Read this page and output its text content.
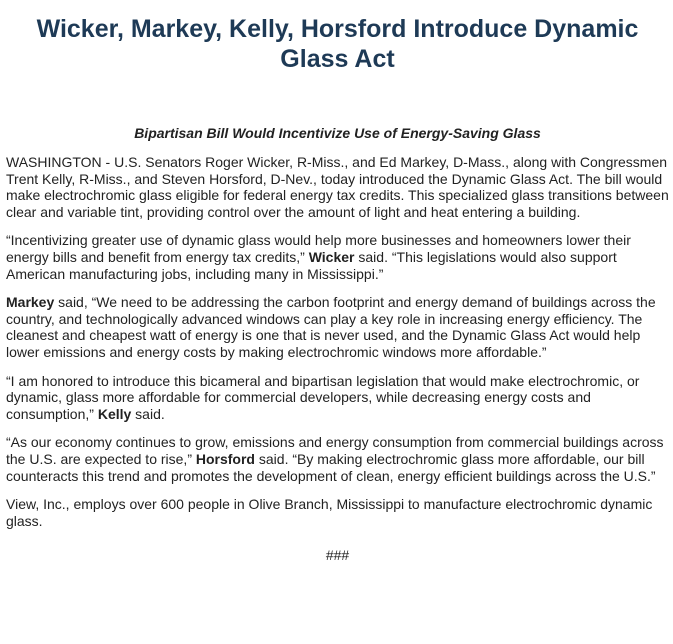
Wicker, Markey, Kelly, Horsford Introduce Dynamic Glass Act

Bipartisan Bill Would Incentivize Use of Energy-Saving Glass

WASHINGTON - U.S. Senators Roger Wicker, R-Miss., and Ed Markey, D-Mass., along with Congressmen Trent Kelly, R-Miss., and Steven Horsford, D-Nev., today introduced the Dynamic Glass Act. The bill would make electrochromic glass eligible for federal energy tax credits. This specialized glass transitions between clear and variable tint, providing control over the amount of light and heat entering a building.

“Incentivizing greater use of dynamic glass would help more businesses and homeowners lower their energy bills and benefit from energy tax credits,” Wicker said. “This legislations would also support American manufacturing jobs, including many in Mississippi.”

Markey said, “We need to be addressing the carbon footprint and energy demand of buildings across the country, and technologically advanced windows can play a key role in increasing energy efficiency. The cleanest and cheapest watt of energy is one that is never used, and the Dynamic Glass Act would help lower emissions and energy costs by making electrochromic windows more affordable.”

“I am honored to introduce this bicameral and bipartisan legislation that would make electrochromic, or dynamic, glass more affordable for commercial developers, while decreasing energy costs and consumption,” Kelly said.

“As our economy continues to grow, emissions and energy consumption from commercial buildings across the U.S. are expected to rise,” Horsford said. “By making electrochromic glass more affordable, our bill counteracts this trend and promotes the development of clean, energy efficient buildings across the U.S.”

View, Inc., employs over 600 people in Olive Branch, Mississippi to manufacture electrochromic dynamic glass.

###
